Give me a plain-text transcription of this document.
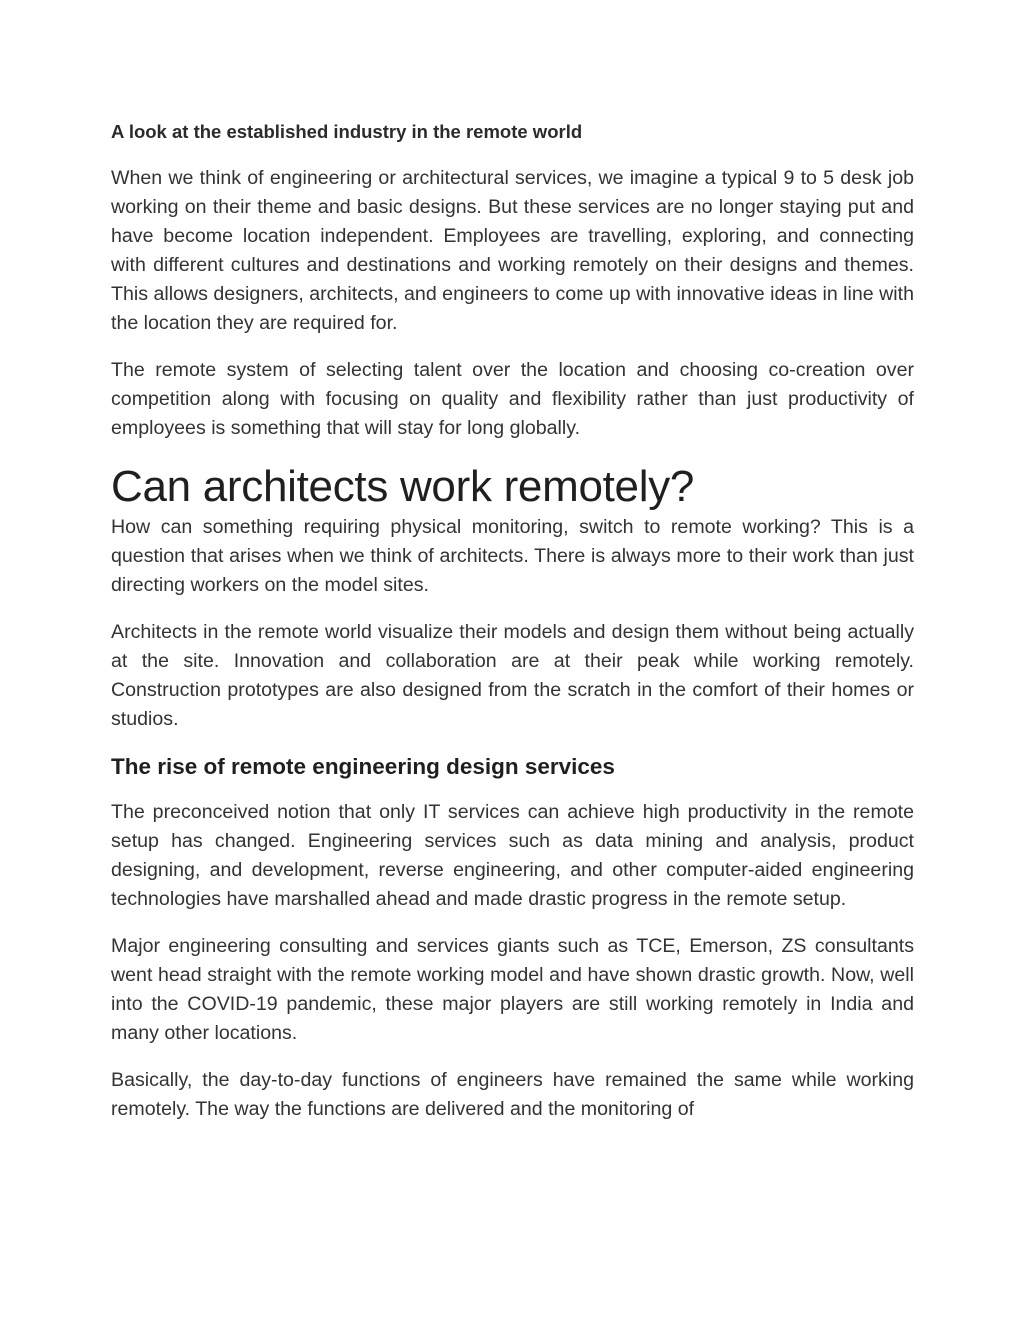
A look at the established industry in the remote world

When we think of engineering or architectural services, we imagine a typical 9 to 5 desk job working on their theme and basic designs. But these services are no longer staying put and have become location independent. Employees are travelling, exploring, and connecting with different cultures and destinations and working remotely on their designs and themes. This allows designers, architects, and engineers to come up with innovative ideas in line with the location they are required for.

The remote system of selecting talent over the location and choosing co-creation over competition along with focusing on quality and flexibility rather than just productivity of employees is something that will stay for long globally.

Can architects work remotely?

How can something requiring physical monitoring, switch to remote working? This is a question that arises when we think of architects. There is always more to their work than just directing workers on the model sites.

Architects in the remote world visualize their models and design them without being actually at the site. Innovation and collaboration are at their peak while working remotely. Construction prototypes are also designed from the scratch in the comfort of their homes or studios.

The rise of remote engineering design services

The preconceived notion that only IT services can achieve high productivity in the remote setup has changed. Engineering services such as data mining and analysis, product designing, and development, reverse engineering, and other computer-aided engineering technologies have marshalled ahead and made drastic progress in the remote setup.

Major engineering consulting and services giants such as TCE, Emerson, ZS consultants went head straight with the remote working model and have shown drastic growth. Now, well into the COVID-19 pandemic, these major players are still working remotely in India and many other locations.

Basically, the day-to-day functions of engineers have remained the same while working remotely. The way the functions are delivered and the monitoring of
